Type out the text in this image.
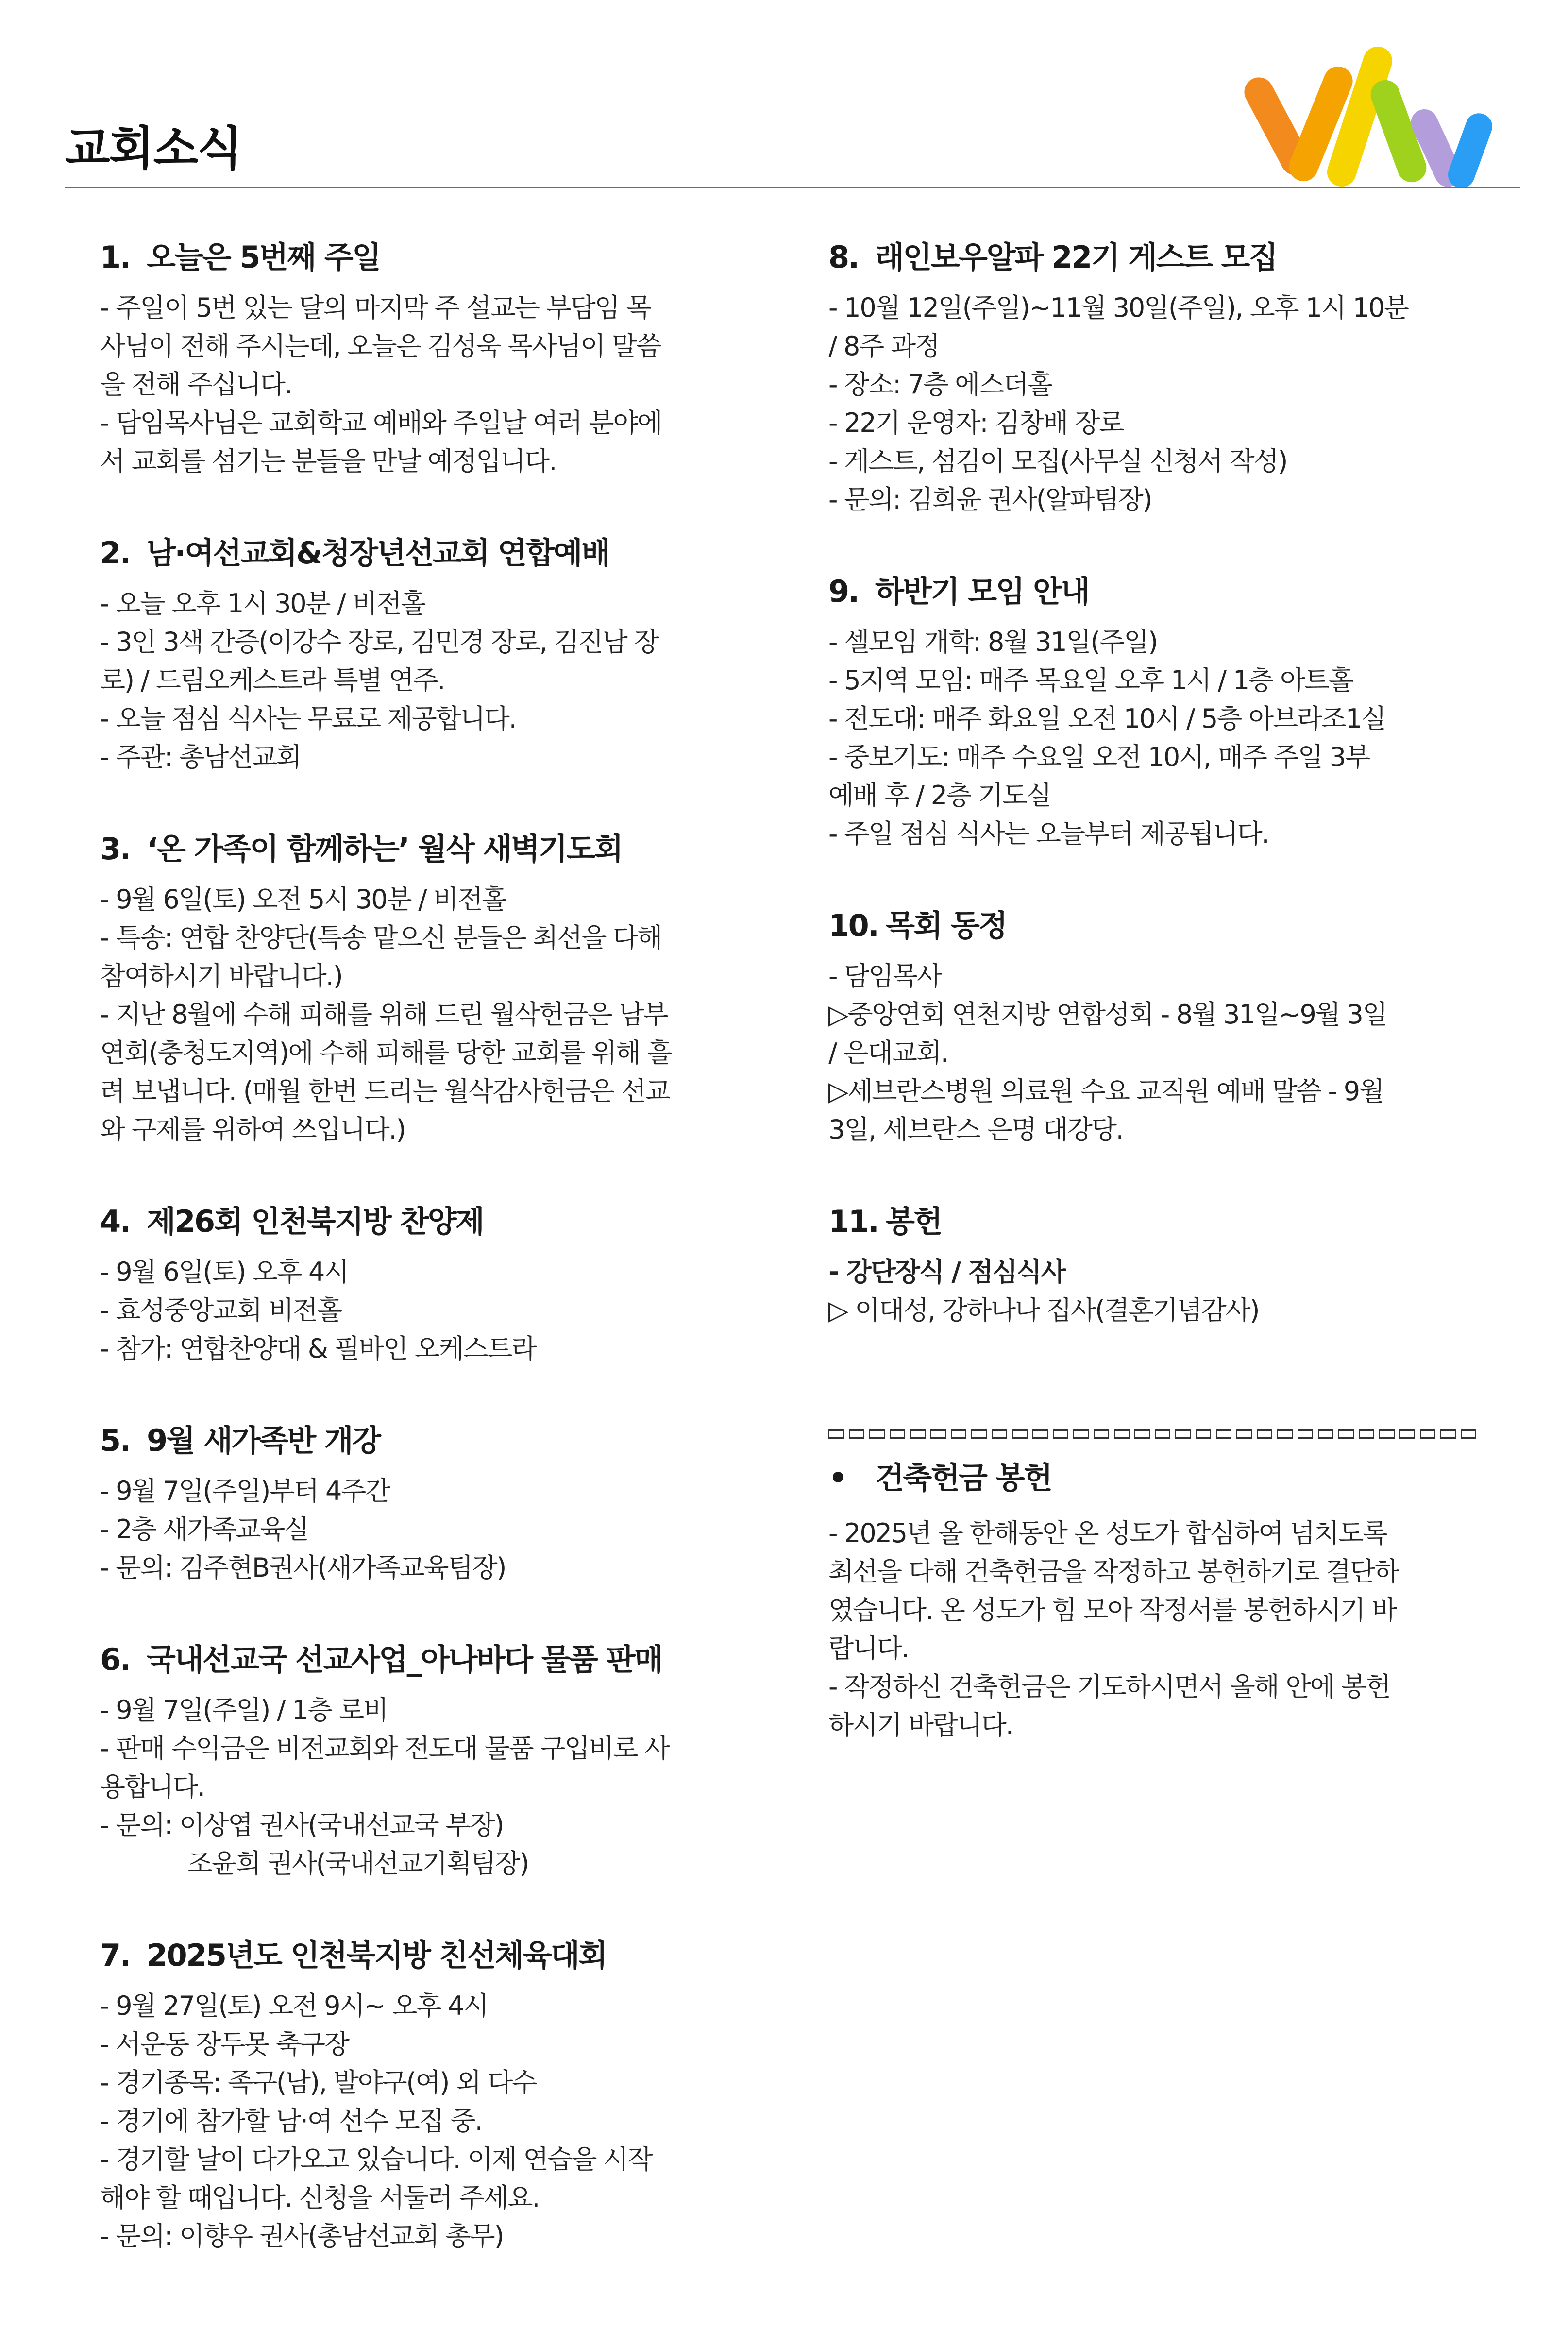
교회소식
1. 오늘은 5번째 주일
- 주일이 5번 있는 달의 마지막 주 설교는 부담임 목
사님이 전해 주시는데, 오늘은 김성욱 목사님이 말씀
을 전해 주십니다.
- 담임목사님은 교회학교 예배와 주일날 여러 분야에
서 교회를 섬기는 분들을 만날 예정입니다.
2. 남·여선교회&청장년선교회 연합예배
- 오늘 오후 1시 30분 / 비전홀
- 3인 3색 간증(이강수 장로, 김민경 장로, 김진남 장
로) / 드림오케스트라 특별 연주.
- 오늘 점심 식사는 무료로 제공합니다.
- 주관: 총남선교회
3. ‘온 가족이 함께하는’ 월삭 새벽기도회
- 9월 6일(토) 오전 5시 30분 / 비전홀
- 특송: 연합 찬양단(특송 맡으신 분들은 최선을 다해
참여하시기 바랍니다.)
- 지난 8월에 수해 피해를 위해 드린 월삭헌금은 남부
연회(충청도지역)에 수해 피해를 당한 교회를 위해 흘
려 보냅니다. (매월 한번 드리는 월삭감사헌금은 선교
와 구제를 위하여 쓰입니다.)
4. 제26회 인천북지방 찬양제
- 9월 6일(토) 오후 4시
- 효성중앙교회 비전홀
- 참가: 연합찬양대 & 필바인 오케스트라
5. 9월 새가족반 개강
- 9월 7일(주일)부터 4주간
- 2층 새가족교육실
- 문의: 김주현B권사(새가족교육팀장)
6. 국내선교국 선교사업_아나바다 물품 판매
- 9월 7일(주일) / 1층 로비
- 판매 수익금은 비전교회와 전도대 물품 구입비로 사
용합니다.
- 문의: 이상엽 권사(국내선교국 부장)
조윤희 권사(국내선교기획팀장)
7. 2025년도 인천북지방 친선체육대회
- 9월 27일(토) 오전 9시~ 오후 4시
- 서운동 장두못 축구장
- 경기종목: 족구(남), 발야구(여) 외 다수
- 경기에 참가할 남·여 선수 모집 중.
- 경기할 날이 다가오고 있습니다. 이제 연습을 시작
해야 할 때입니다. 신청을 서둘러 주세요.
- 문의: 이향우 권사(총남선교회 총무)
8. 래인보우알파 22기 게스트 모집
- 10월 12일(주일)~11월 30일(주일), 오후 1시 10분
/ 8주 과정
- 장소: 7층 에스더홀
- 22기 운영자: 김창배 장로
- 게스트, 섬김이 모집(사무실 신청서 작성)
- 문의: 김희윤 권사(알파팀장)
9. 하반기 모임 안내
- 셀모임 개학: 8월 31일(주일)
- 5지역 모임: 매주 목요일 오후 1시 / 1층 아트홀
- 전도대: 매주 화요일 오전 10시 / 5층 아브라조1실
- 중보기도: 매주 수요일 오전 10시, 매주 주일 3부
예배 후 / 2층 기도실
- 주일 점심 식사는 오늘부터 제공됩니다.
10. 목회 동정
- 담임목사
▷중앙연회 연천지방 연합성회 - 8월 31일~9월 3일
/ 은대교회.
▷세브란스병원 의료원 수요 교직원 예배 말씀 - 9월
3일, 세브란스 은명 대강당.
11. 봉헌
- 강단장식 / 점심식사
▷ 이대성, 강하나나 집사(결혼기념감사)
• 건축헌금 봉헌
- 2025년 올 한해동안 온 성도가 합심하여 넘치도록
최선을 다해 건축헌금을 작정하고 봉헌하기로 결단하
였습니다. 온 성도가 힘 모아 작정서를 봉헌하시기 바
랍니다.
- 작정하신 건축헌금은 기도하시면서 올해 안에 봉헌
하시기 바랍니다.
